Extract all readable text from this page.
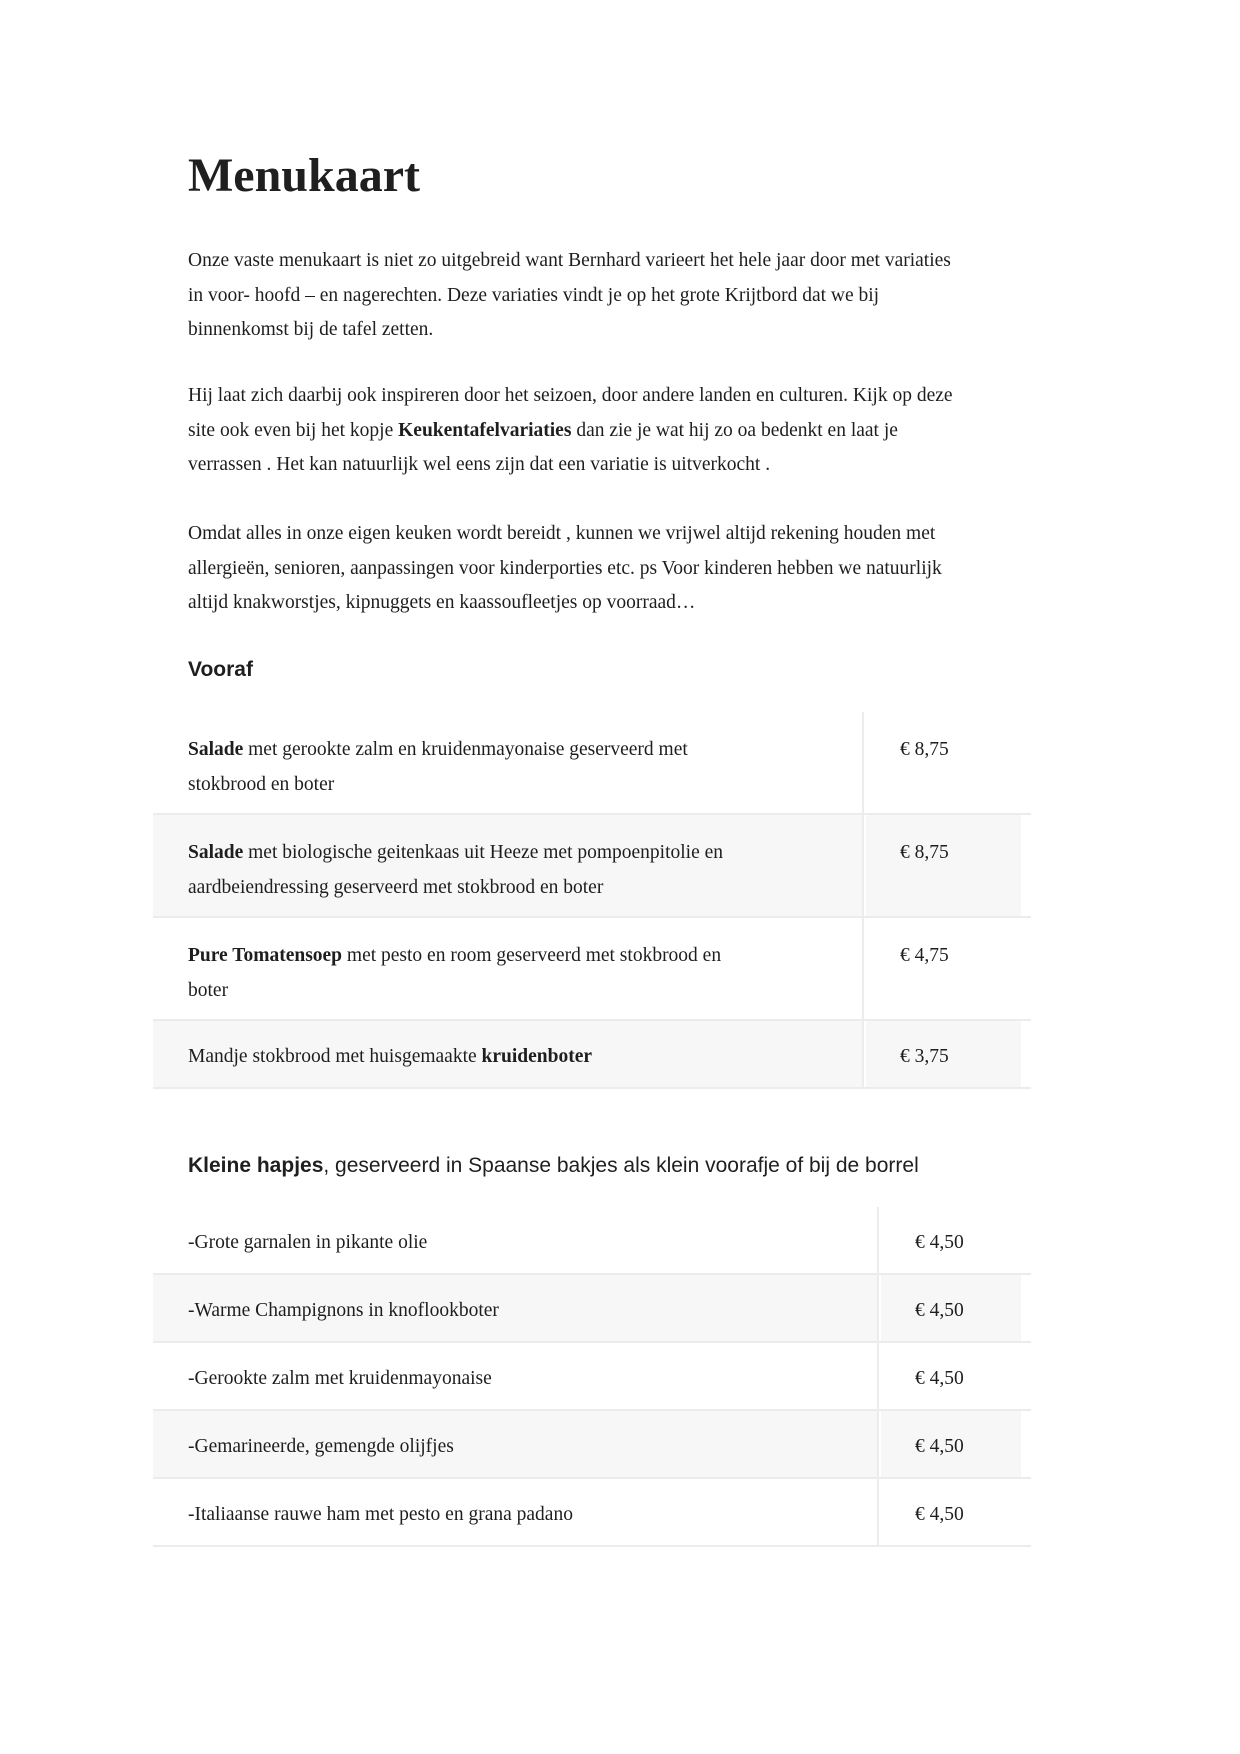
Menukaart

Onze vaste menukaart is niet zo uitgebreid want Bernhard varieert het hele jaar door met variaties
in voor- hoofd – en nagerechten. Deze variaties vindt je op het grote Krijtbord dat we bij
binnenkomst bij de tafel zetten.

Hij laat zich daarbij ook inspireren door het seizoen, door andere landen en culturen. Kijk op deze
site ook even bij het kopje Keukentafelvariaties dan zie je wat hij zo oa bedenkt en laat je
verrassen . Het kan natuurlijk wel eens zijn dat een variatie is uitverkocht .

Omdat alles in onze eigen keuken wordt bereidt , kunnen we vrijwel altijd rekening houden met
allergieën, senioren, aanpassingen voor kinderporties etc. ps Voor kinderen hebben we natuurlijk
altijd knakworstjes, kipnuggets en kaassoufleetjes op voorraad…

Vooraf
Salade met gerookte zalm en kruidenmayonaise geserveerd met
stokbrood en boter
€ 8,75
Salade met biologische geitenkaas uit Heeze met pompoenpitolie en
aardbeiendressing geserveerd met stokbrood en boter
€ 8,75
Pure Tomatensoep met pesto en room geserveerd met stokbrood en
boter
€ 4,75
Mandje stokbrood met huisgemaakte kruidenboter	€ 3,75
Kleine hapjes, geserveerd in Spaanse bakjes als klein voorafje of bij de borrel
-Grote garnalen in pikante olie	€ 4,50
-Warme Champignons in knoflookboter	€ 4,50
-Gerookte zalm met kruidenmayonaise	€ 4,50
-Gemarineerde, gemengde olijfjes	€ 4,50
-Italiaanse rauwe ham met pesto en grana padano	€ 4,50
